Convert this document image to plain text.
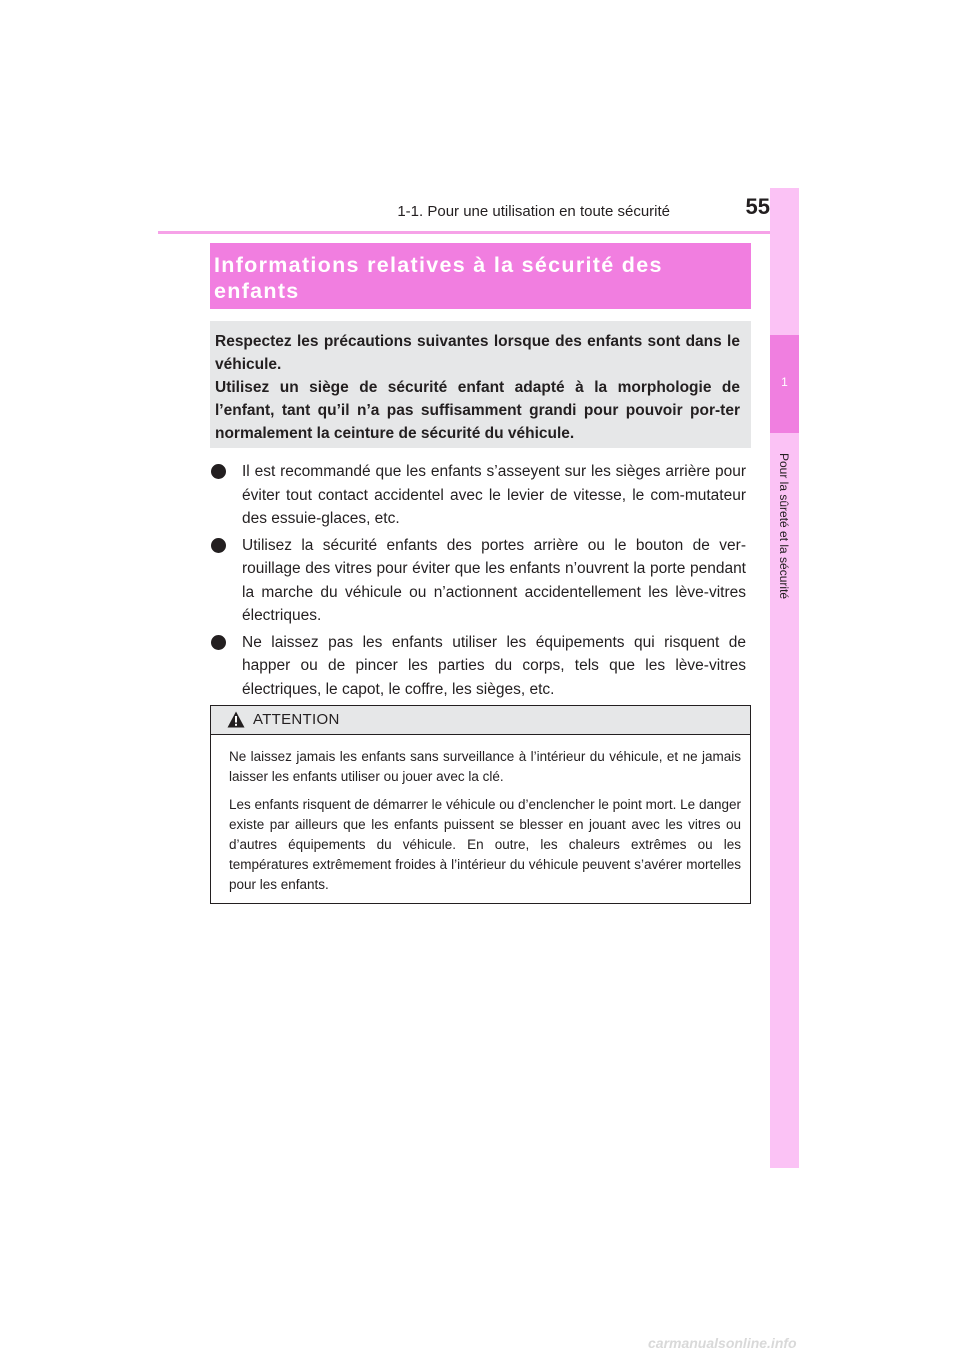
1-1. Pour une utilisation en toute sécurité	55
1
Pour la sûreté et la sécurité
Informations relatives à la sécurité des enfants

Respectez les précautions suivantes lorsque des enfants sont dans le véhicule.
Utilisez un siège de sécurité enfant adapté à la morphologie de l’enfant, tant qu’il n’a pas suffisamment grandi pour pouvoir por-ter normalement la ceinture de sécurité du véhicule.

Il est recommandé que les enfants s’asseyent sur les sièges arrière pour éviter tout contact accidentel avec le levier de vitesse, le com-mutateur des essuie-glaces, etc.
Utilisez la sécurité enfants des portes arrière ou le bouton de ver-rouillage des vitres pour éviter que les enfants n’ouvrent la porte pendant la marche du véhicule ou n’actionnent accidentellement les lève-vitres électriques.
Ne laissez pas les enfants utiliser les équipements qui risquent de happer ou de pincer les parties du corps, tels que les lève-vitres électriques, le capot, le coffre, les sièges, etc.
ATTENTION

Ne laissez jamais les enfants sans surveillance à l’intérieur du véhicule, et ne jamais laisser les enfants utiliser ou jouer avec la clé.

Les enfants risquent de démarrer le véhicule ou d’enclencher le point mort. Le danger existe par ailleurs que les enfants puissent se blesser en jouant avec les vitres ou d’autres équipements du véhicule. En outre, les chaleurs extrêmes ou les températures extrêmement froides à l’intérieur du véhicule peuvent s’avérer mortelles pour les enfants.

carmanualsonline.info
